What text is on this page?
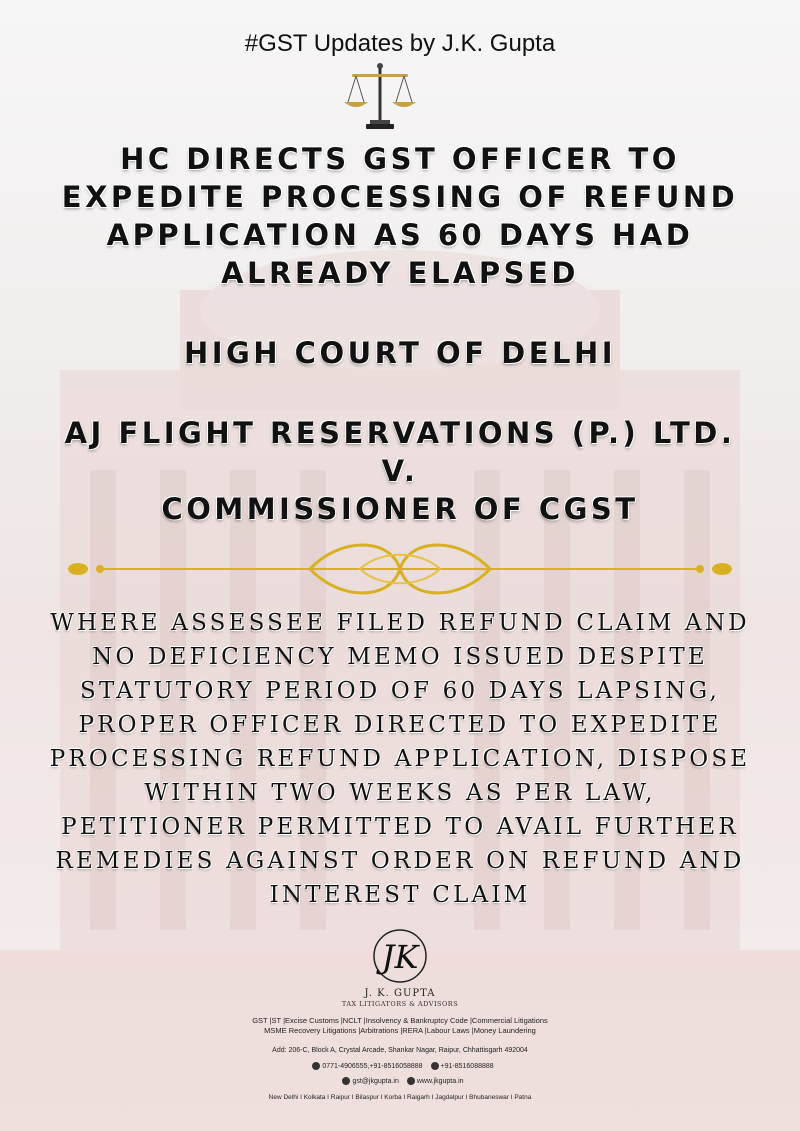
#GST Updates by J.K. Gupta
HC DIRECTS GST OFFICER TO
EXPEDITE PROCESSING OF REFUND
APPLICATION AS 60 DAYS HAD
ALREADY ELAPSED
HIGH COURT OF DELHI
AJ FLIGHT RESERVATIONS (P.) LTD.
V.
COMMISSIONER OF CGST
WHERE ASSESSEE FILED REFUND CLAIM AND
NO DEFICIENCY MEMO ISSUED DESPITE
STATUTORY PERIOD OF 60 DAYS LAPSING,
PROPER OFFICER DIRECTED TO EXPEDITE
PROCESSING REFUND APPLICATION, DISPOSE
WITHIN TWO WEEKS AS PER LAW,
PETITIONER PERMITTED TO AVAIL FURTHER
REMEDIES AGAINST ORDER ON REFUND AND
INTEREST CLAIM
JK
J. K. GUPTA
TAX LITIGATORS & ADVISORS
GST |ST |Excise Customs |NCLT |Insolvency & Bankruptcy Code |Commercial Litigations
MSME Recovery Litigations |Arbitrations |RERA |Labour Laws |Money Laundering
Add: 206-C, Block A, Crystal Arcade, Shankar Nagar, Raipur, Chhattisgarh 492004
0771-4906555,+91-8516058888	+91-8516088888
gst@jkgupta.in	www.jkgupta.in
New Delhi I Kolkata I Raipur I Bilaspur I Korba I Raigarh I Jagdalpur I Bhubaneswar I Patna
